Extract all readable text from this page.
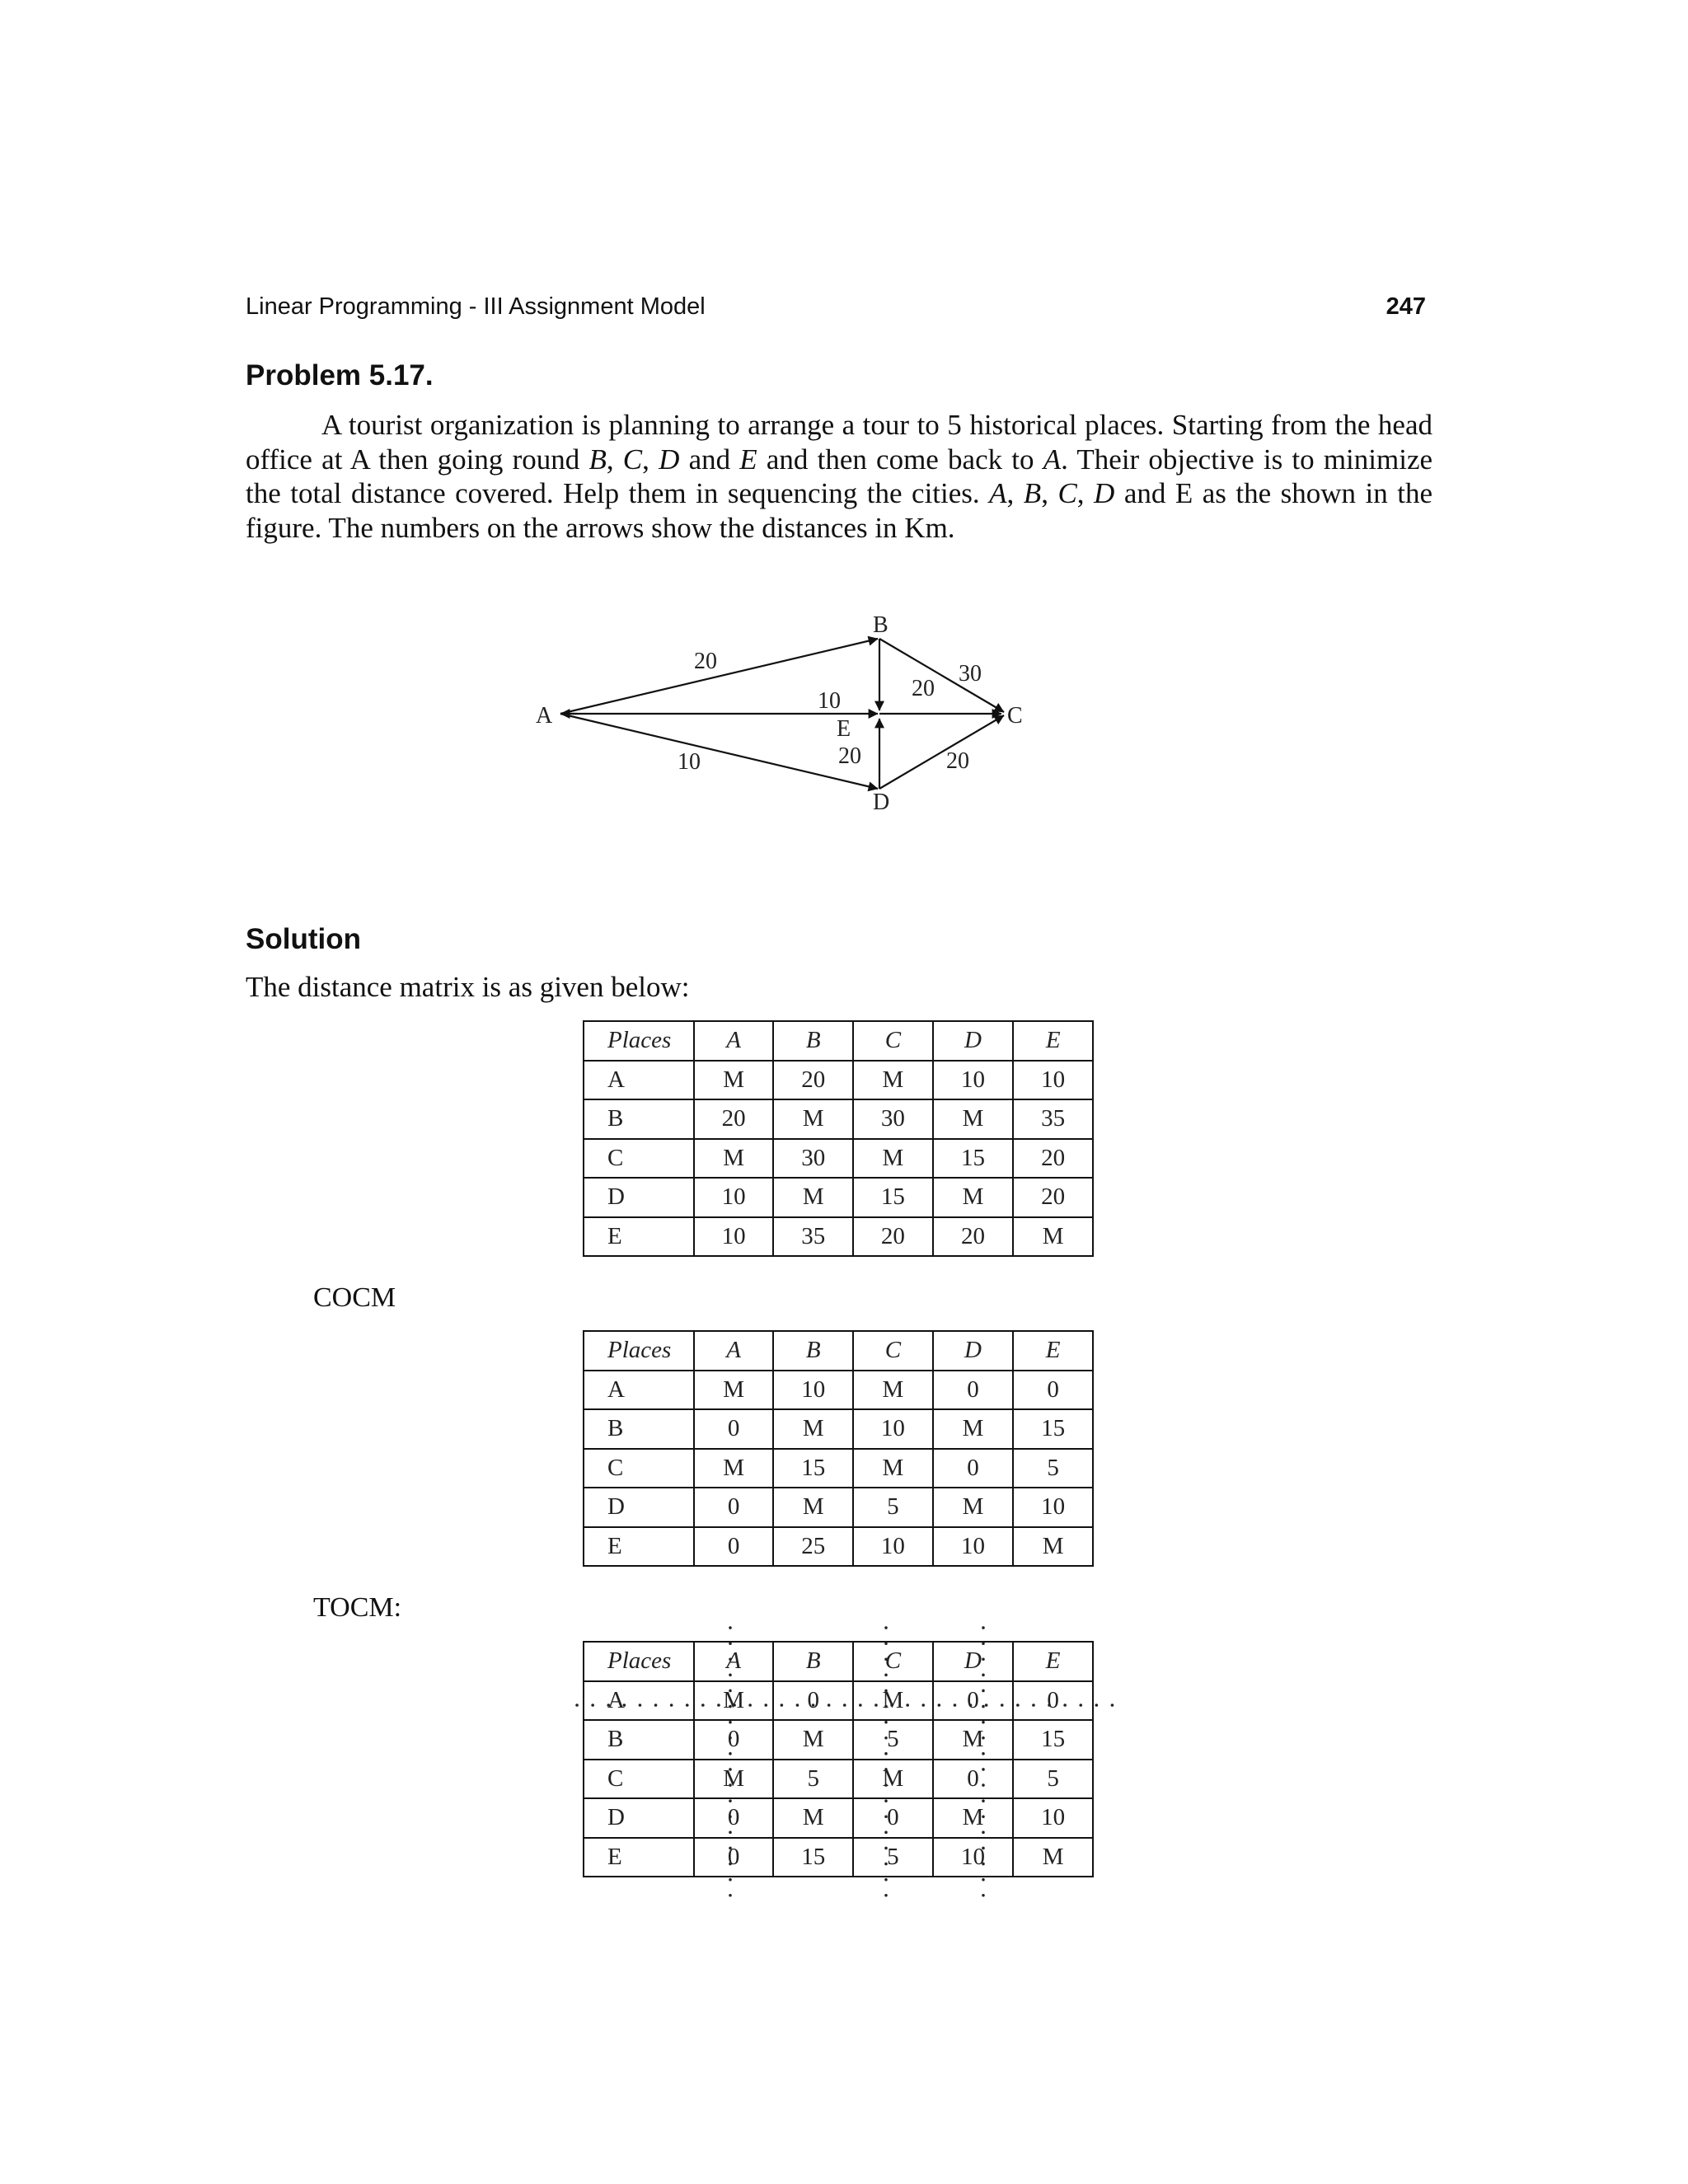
Linear Programming - III Assignment Model	247
Problem 5.17.

A tourist organization is planning to arrange a tour to 5 historical places. Starting from the head office at A then going round B, C, D and E and then come back to A. Their objective is to minimize the total distance covered. Help them in sequencing the cities. A, B, C, D and E as the shown in the figure. The numbers on the arrows show the distances in Km.

A
B
C
D
E
20
10
10
20
30
20	20
Solution
The distance matrix is as given below:
Places	A	B	C	D	E
A	M	20	M	10	10
B	20	M	30	M	35
C	M	30	M	15	20
D	10	M	15	M	20
E	10	35	20	20	M
COCM
Places	A	B	C	D	E
A	M	10	M	0	0
B	0	M	10	M	15
C	M	15	M	0	5
D	0	M	5	M	10
E	0	25	10	10	M
TOCM:
Places	A	B	C	D	E
A	M	0	M	0	0
B	0	M	5	M	15
C	M	5	M	0	5
D	0	M	0	M	10
E	0	15	5	10	M
